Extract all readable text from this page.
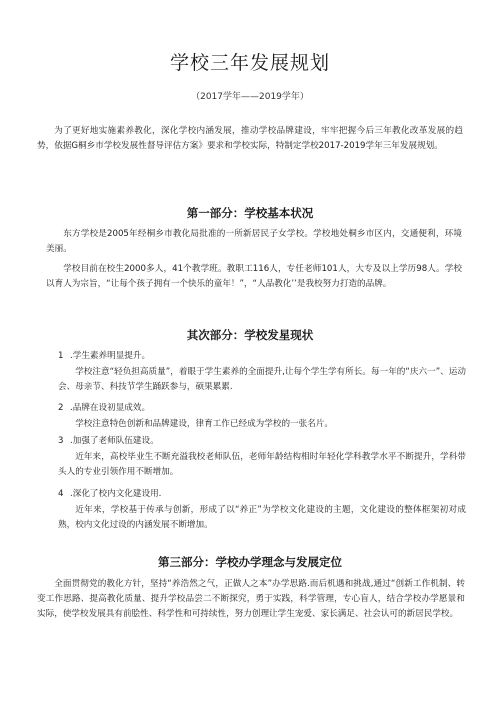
学校三年发展规划
（2017学年——2019学年）

为了更好地实施素养教化，深化学校内涵发展，推动学校品牌建设，牢牢把握今后三年教化改革发展的趋势，依据G桐乡市学校发展性督导评估方案》要求和学校实际，特制定学校2017-2019学年三年发展规划。

第一部分：学校基本状况

东方学校是2005年经桐乡市教化局批准的一所新居民子女学校。学校地处桐乡市区内，交通便利，环境美丽。

学校目前在校生2000多人，41个教学班。教职工116人，专任老师101人，大专及以上学历98人。学校以育人为宗旨，“让每个孩子拥有一个快乐的童年！”，“人品教化’’是我校努力打造的品牌。

其次部分：学校发星现状
1 .学生素养明显提升。

学校注意“轻负担高质量”，着眼于学生素养的全面提升,让每个学生学有所长。每一年的“庆六一”、运动会、母亲节、科技节学生踊跃参与，硕果累累.

2 .品牌在设初显成效。

学校注意特色创新和品牌建设，律育工作已经成为学校的一张名片。

3 .加强了老师队伍建设。

近年来，高校毕业生不断充溢我校老师队伍，老师年龄结构相时年轻化学科教学水平不断提升，学科带头人的专业引领作用不断增加。

4 .深化了校内文化建设用.

近年来，学校基于传承与创新，形成了以“养正”为学校文化建设的主题，文化建设的整体框架初对成熟，校内文化过设的内涵发展不断增加。

第三部分：学校办学理念与发展定位

全面贯彻党的教化方针，坚持“养浩然之气，正做人之本”办学思路.而后机遇和挑战,通过“创新工作机制、转变工作思路、提高教化质量、提升学校品尝二不断探究，勇于实践，科学管理，专心盲人，结合学校办学愿景和实际，使学校发展具有前脍性、科学性和可持续性，努力创理让学生宠爱、家长满足、社会认可的新居民学校。
